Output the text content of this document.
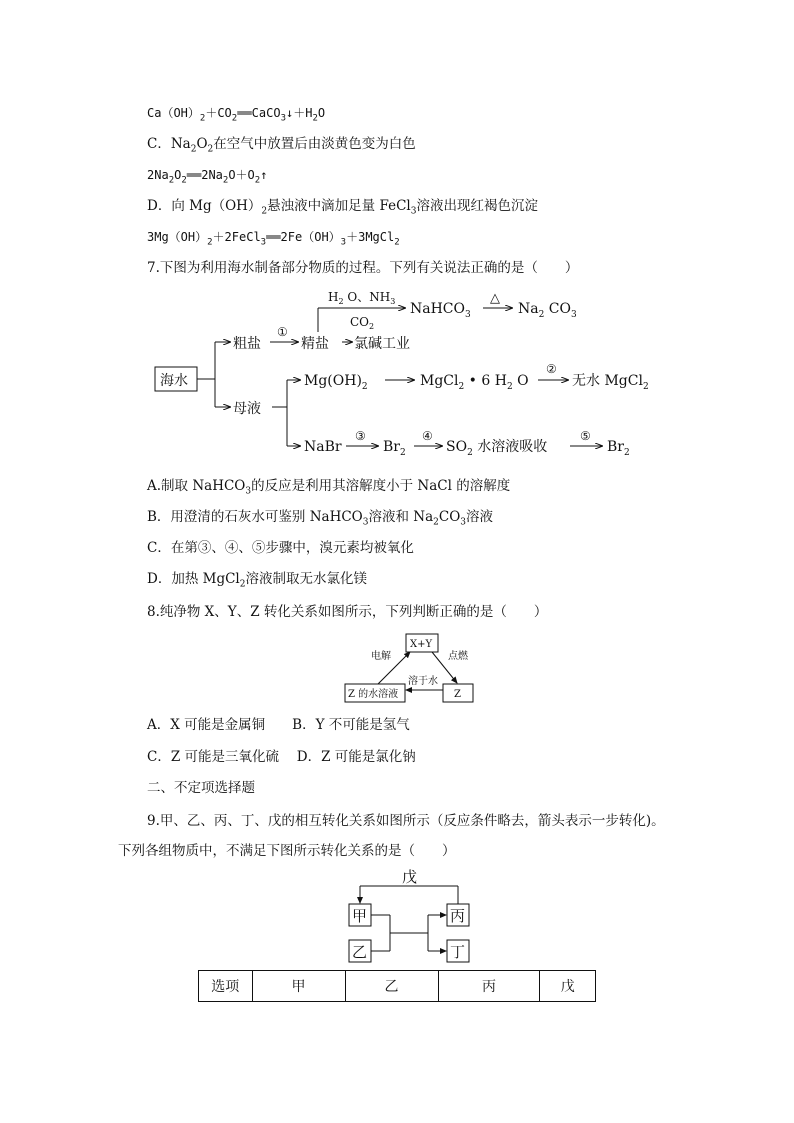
$Ca(OH)_2+CO_2══CaCO_3↓+H_2O$
C．$Na_2O_2$在空气中放置后由淡黄色变为白色
$2Na_2O_2══2Na_2O+O_2↑$
D．向 $Mg(OH)_2$悬浊液中滴加足量 FeCl$_3$溶液出现红褐色沉淀
$3Mg(OH)_2+2FeCl_3══2Fe(OH)_3+3MgCl_2$
7.下图为利用海水制备部分物质的过程。下列有关说法正确的是（　　）
海水
粗盐
①
精盐 氯碱工业
$H_2$ O、$NH_3$
$CO_2$
NaHCO$_3$
△
$Na_2$ $CO_3$
母液
$Mg(OH)_2$	MgCl$_2$ • 6 $H_2$ O
②
无水 MgCl$_2$
NaBr
③
$Br_2$
④
$SO_2$ 水溶液吸收
⑤
$Br_2$
A.制取 NaHCO$_3$的反应是利用其溶解度小于 NaCl 的溶解度
B．用澄清的石灰水可鉴别 NaHCO$_3$溶液和 $Na_2CO_3$溶液
C．在第③、④、⑤步骤中，溴元素均被氧化
D．加热 MgCl$_2$溶液制取无水氯化镁
8.纯净物 X、Y、Z 转化关系如图所示，下列判断正确的是（　　）
X+Y
电解	点燃
Z 的水溶液
溶于水
Z
A．X 可能是金属铜　　B．Y 不可能是氢气
C．Z 可能是三氧化硫　 D．Z 可能是氯化钠
二、不定项选择题
9.甲、乙、丙、丁、戊的相互转化关系如图所示（反应条件略去，箭头表示一步转化)。
下列各组物质中，不满足下图所示转化关系的是（　　）
戊
甲
乙
丙
丁
选项	甲	乙	丙	戊
